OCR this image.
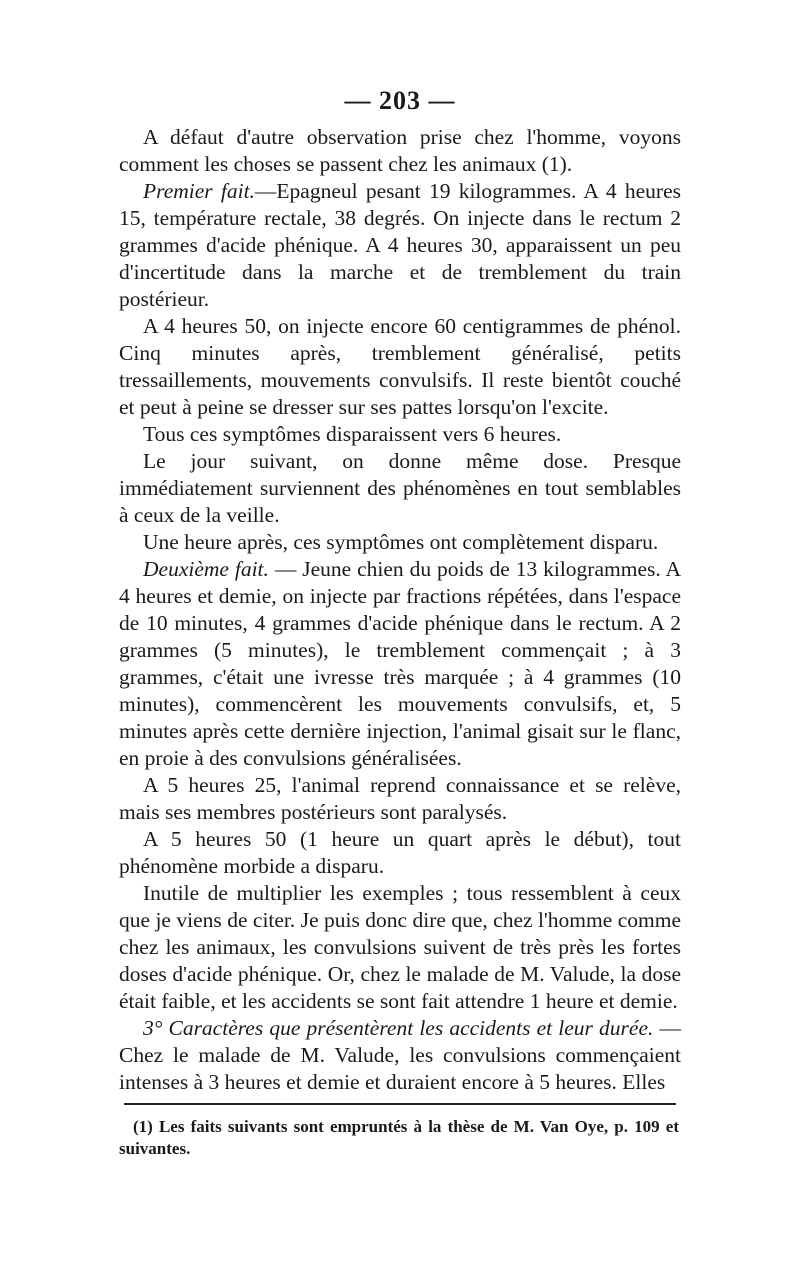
— 203 —

A défaut d'autre observation prise chez l'homme, voyons comment les choses se passent chez les animaux (1).

Premier fait.—Epagneul pesant 19 kilogrammes. A 4 heures 15, température rectale, 38 degrés. On injecte dans le rectum 2 grammes d'acide phénique. A 4 heures 30, apparaissent un peu d'incertitude dans la marche et de tremblement du train postérieur.

A 4 heures 50, on injecte encore 60 centigrammes de phénol. Cinq minutes après, tremblement généralisé, petits tressaillements, mouvements convulsifs. Il reste bientôt couché et peut à peine se dresser sur ses pattes lorsqu'on l'excite.

Tous ces symptômes disparaissent vers 6 heures.

Le jour suivant, on donne même dose. Presque immédiatement surviennent des phénomènes en tout semblables à ceux de la veille.

Une heure après, ces symptômes ont complètement disparu.

Deuxième fait. — Jeune chien du poids de 13 kilogrammes. A 4 heures et demie, on injecte par fractions répétées, dans l'espace de 10 minutes, 4 grammes d'acide phénique dans le rectum. A 2 grammes (5 minutes), le tremblement commençait ; à 3 grammes, c'était une ivresse très marquée ; à 4 grammes (10 minutes), commencèrent les mouvements convulsifs, et, 5 minutes après cette dernière injection, l'animal gisait sur le flanc, en proie à des convulsions généralisées.

A 5 heures 25, l'animal reprend connaissance et se relève, mais ses membres postérieurs sont paralysés.

A 5 heures 50 (1 heure un quart après le début), tout phénomène morbide a disparu.

Inutile de multiplier les exemples ; tous ressemblent à ceux que je viens de citer. Je puis donc dire que, chez l'homme comme chez les animaux, les convulsions suivent de très près les fortes doses d'acide phénique. Or, chez le malade de M. Valude, la dose était faible, et les accidents se sont fait attendre 1 heure et demie.

3° Caractères que présentèrent les accidents et leur durée. — Chez le malade de M. Valude, les convulsions commençaient intenses à 3 heures et demie et duraient encore à 5 heures. Elles

(1) Les faits suivants sont empruntés à la thèse de M. Van Oye, p. 109 et suivantes.
